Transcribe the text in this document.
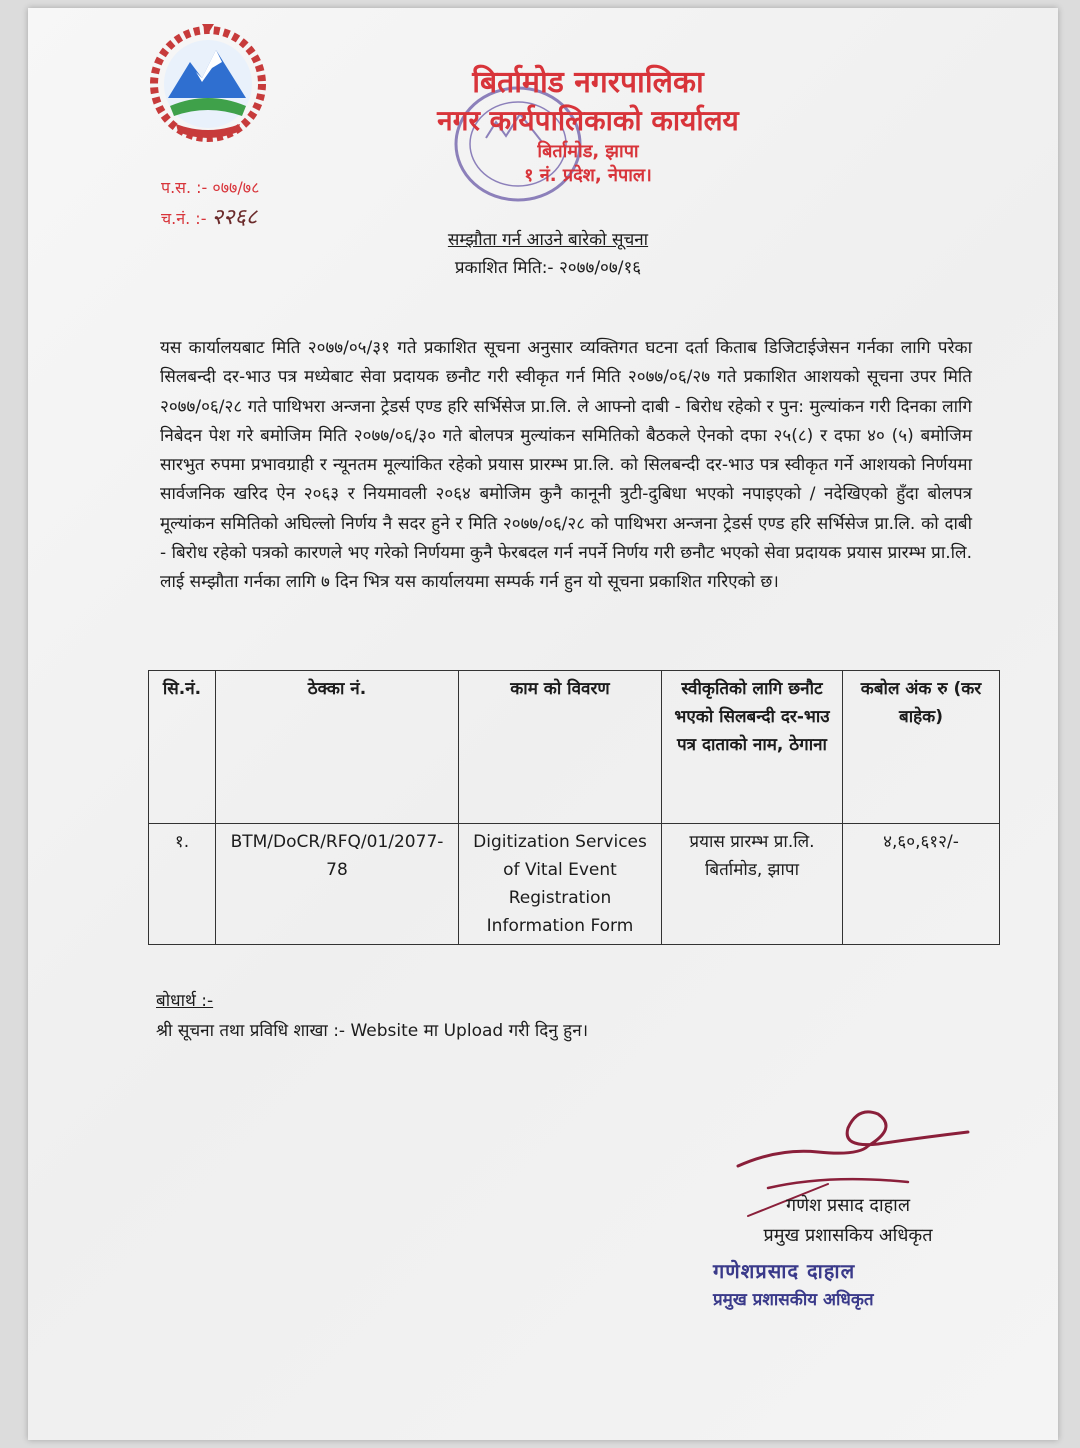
बिर्तामोड नगरपालिका
नगर कार्यपालिकाको कार्यालय
बिर्तामोड, झापा
१ नं. प्रदेश, नेपाल।
प.स. :- ०७७/७८
च.नं. :- २२६८
सम्झौता गर्न आउने बारेको सूचना
प्रकाशित मिति:- २०७७/०७/१६
यस कार्यालयबाट मिति २०७७/०५/३१ गते प्रकाशित सूचना अनुसार व्यक्तिगत घटना दर्ता किताब डिजिटाईजेसन गर्नका लागि परेका सिलबन्दी दर-भाउ पत्र मध्येबाट सेवा प्रदायक छनौट गरी स्वीकृत गर्न मिति २०७७/०६/२७ गते प्रकाशित आशयको सूचना उपर मिति २०७७/०६/२८ गते पाथिभरा अन्जना ट्रेडर्स एण्ड हरि सर्भिसेज प्रा.लि. ले आफ्नो दाबी - बिरोध रहेको र पुन: मुल्यांकन गरी दिनका लागि निबेदन पेश गरे बमोजिम मिति २०७७/०६/३० गते बोलपत्र मुल्यांकन समितिको बैठकले ऐनको दफा २५(८) र दफा ४० (५) बमोजिम सारभुत रुपमा प्रभावग्राही र न्यूनतम मूल्यांकित रहेको प्रयास प्रारम्भ प्रा.लि. को सिलबन्दी दर-भाउ पत्र स्वीकृत गर्ने आशयको निर्णयमा सार्वजनिक खरिद ऐन २०६३ र नियमावली २०६४ बमोजिम कुनै कानूनी त्रुटी-दुबिधा भएको नपाइएको / नदेखिएको हुँदा बोलपत्र मूल्यांकन समितिको अघिल्लो निर्णय नै सदर हुने र मिति २०७७/०६/२८ को पाथिभरा अन्जना ट्रेडर्स एण्ड हरि सर्भिसेज प्रा.लि. को दाबी - बिरोध रहेको पत्रको कारणले भए गरेको निर्णयमा कुनै फेरबदल गर्न नपर्ने निर्णय गरी छनौट भएको सेवा प्रदायक प्रयास प्रारम्भ प्रा.लि. लाई सम्झौता गर्नका लागि ७ दिन भित्र यस कार्यालयमा सम्पर्क गर्न हुन यो सूचना प्रकाशित गरिएको छ।
सि.नं.	ठेक्का नं.	काम को विवरण	स्वीकृतिको लागि छनौट भएको सिलबन्दी दर-भाउ पत्र दाताको नाम, ठेगाना	कबोल अंक रु (कर बाहेक)
१.	BTM/DoCR/RFQ/01/2077-78	Digitization Services of Vital Event Registration Information Form	प्रयास प्रारम्भ प्रा.लि. बिर्तामोड, झापा	४,६०,६१२/-
बोधार्थ :-
श्री सूचना तथा प्रविधि शाखा :- Website मा Upload गरी दिनु हुन।
गणेश प्रसाद दाहाल
प्रमुख प्रशासकिय अधिकृत
गणेशप्रसाद दाहाल
प्रमुख प्रशासकीय अधिकृत
